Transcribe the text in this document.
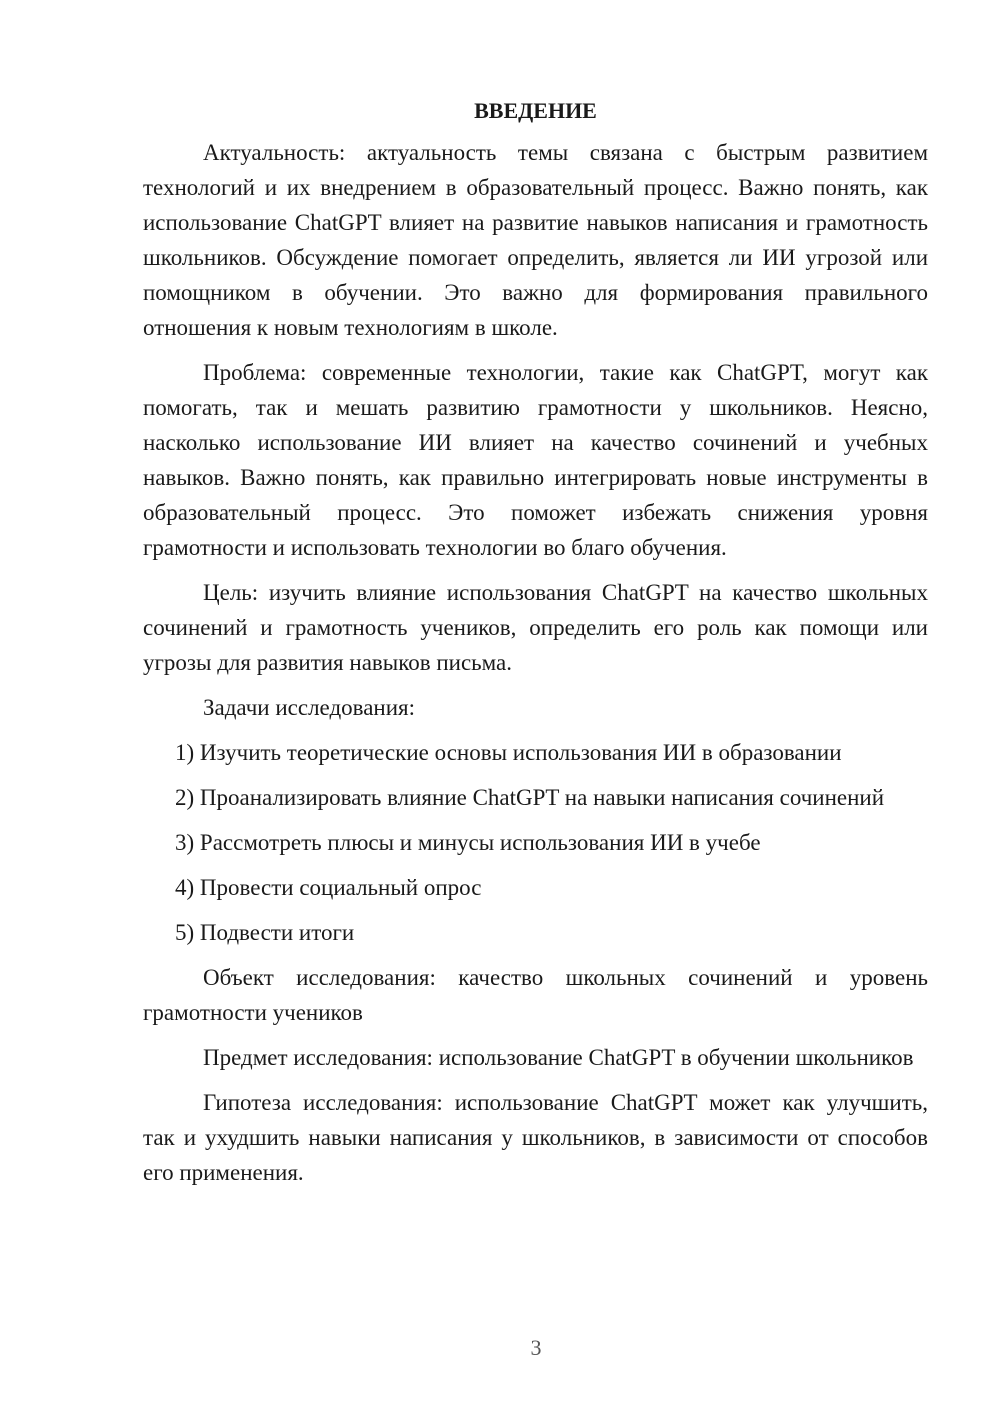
ВВЕДЕНИЕ

Актуальность: актуальность темы связана с быстрым развитием технологий и их внедрением в образовательный процесс. Важно понять, как использование ChatGPT влияет на развитие навыков написания и грамотность школьников. Обсуждение помогает определить, является ли ИИ угрозой или помощником в обучении. Это важно для формирования правильного отношения к новым технологиям в школе.

Проблема: современные технологии, такие как ChatGPT, могут как помогать, так и мешать развитию грамотности у школьников. Неясно, насколько использование ИИ влияет на качество сочинений и учебных навыков. Важно понять, как правильно интегрировать новые инструменты в образовательный процесс. Это поможет избежать снижения уровня грамотности и использовать технологии во благо обучения.

Цель: изучить влияние использования ChatGPT на качество школьных сочинений и грамотность учеников, определить его роль как помощи или угрозы для развития навыков письма.

Задачи исследования:

1) Изучить теоретические основы использования ИИ в образовании

2) Проанализировать влияние ChatGPT на навыки написания сочинений

3) Рассмотреть плюсы и минусы использования ИИ в учебе

4) Провести социальный опрос

5) Подвести итоги

Объект исследования: качество школьных сочинений и уровень грамотности учеников

Предмет исследования: использование ChatGPT в обучении школьников

Гипотеза исследования: использование ChatGPT может как улучшить, так и ухудшить навыки написания у школьников, в зависимости от способов его применения.

3
